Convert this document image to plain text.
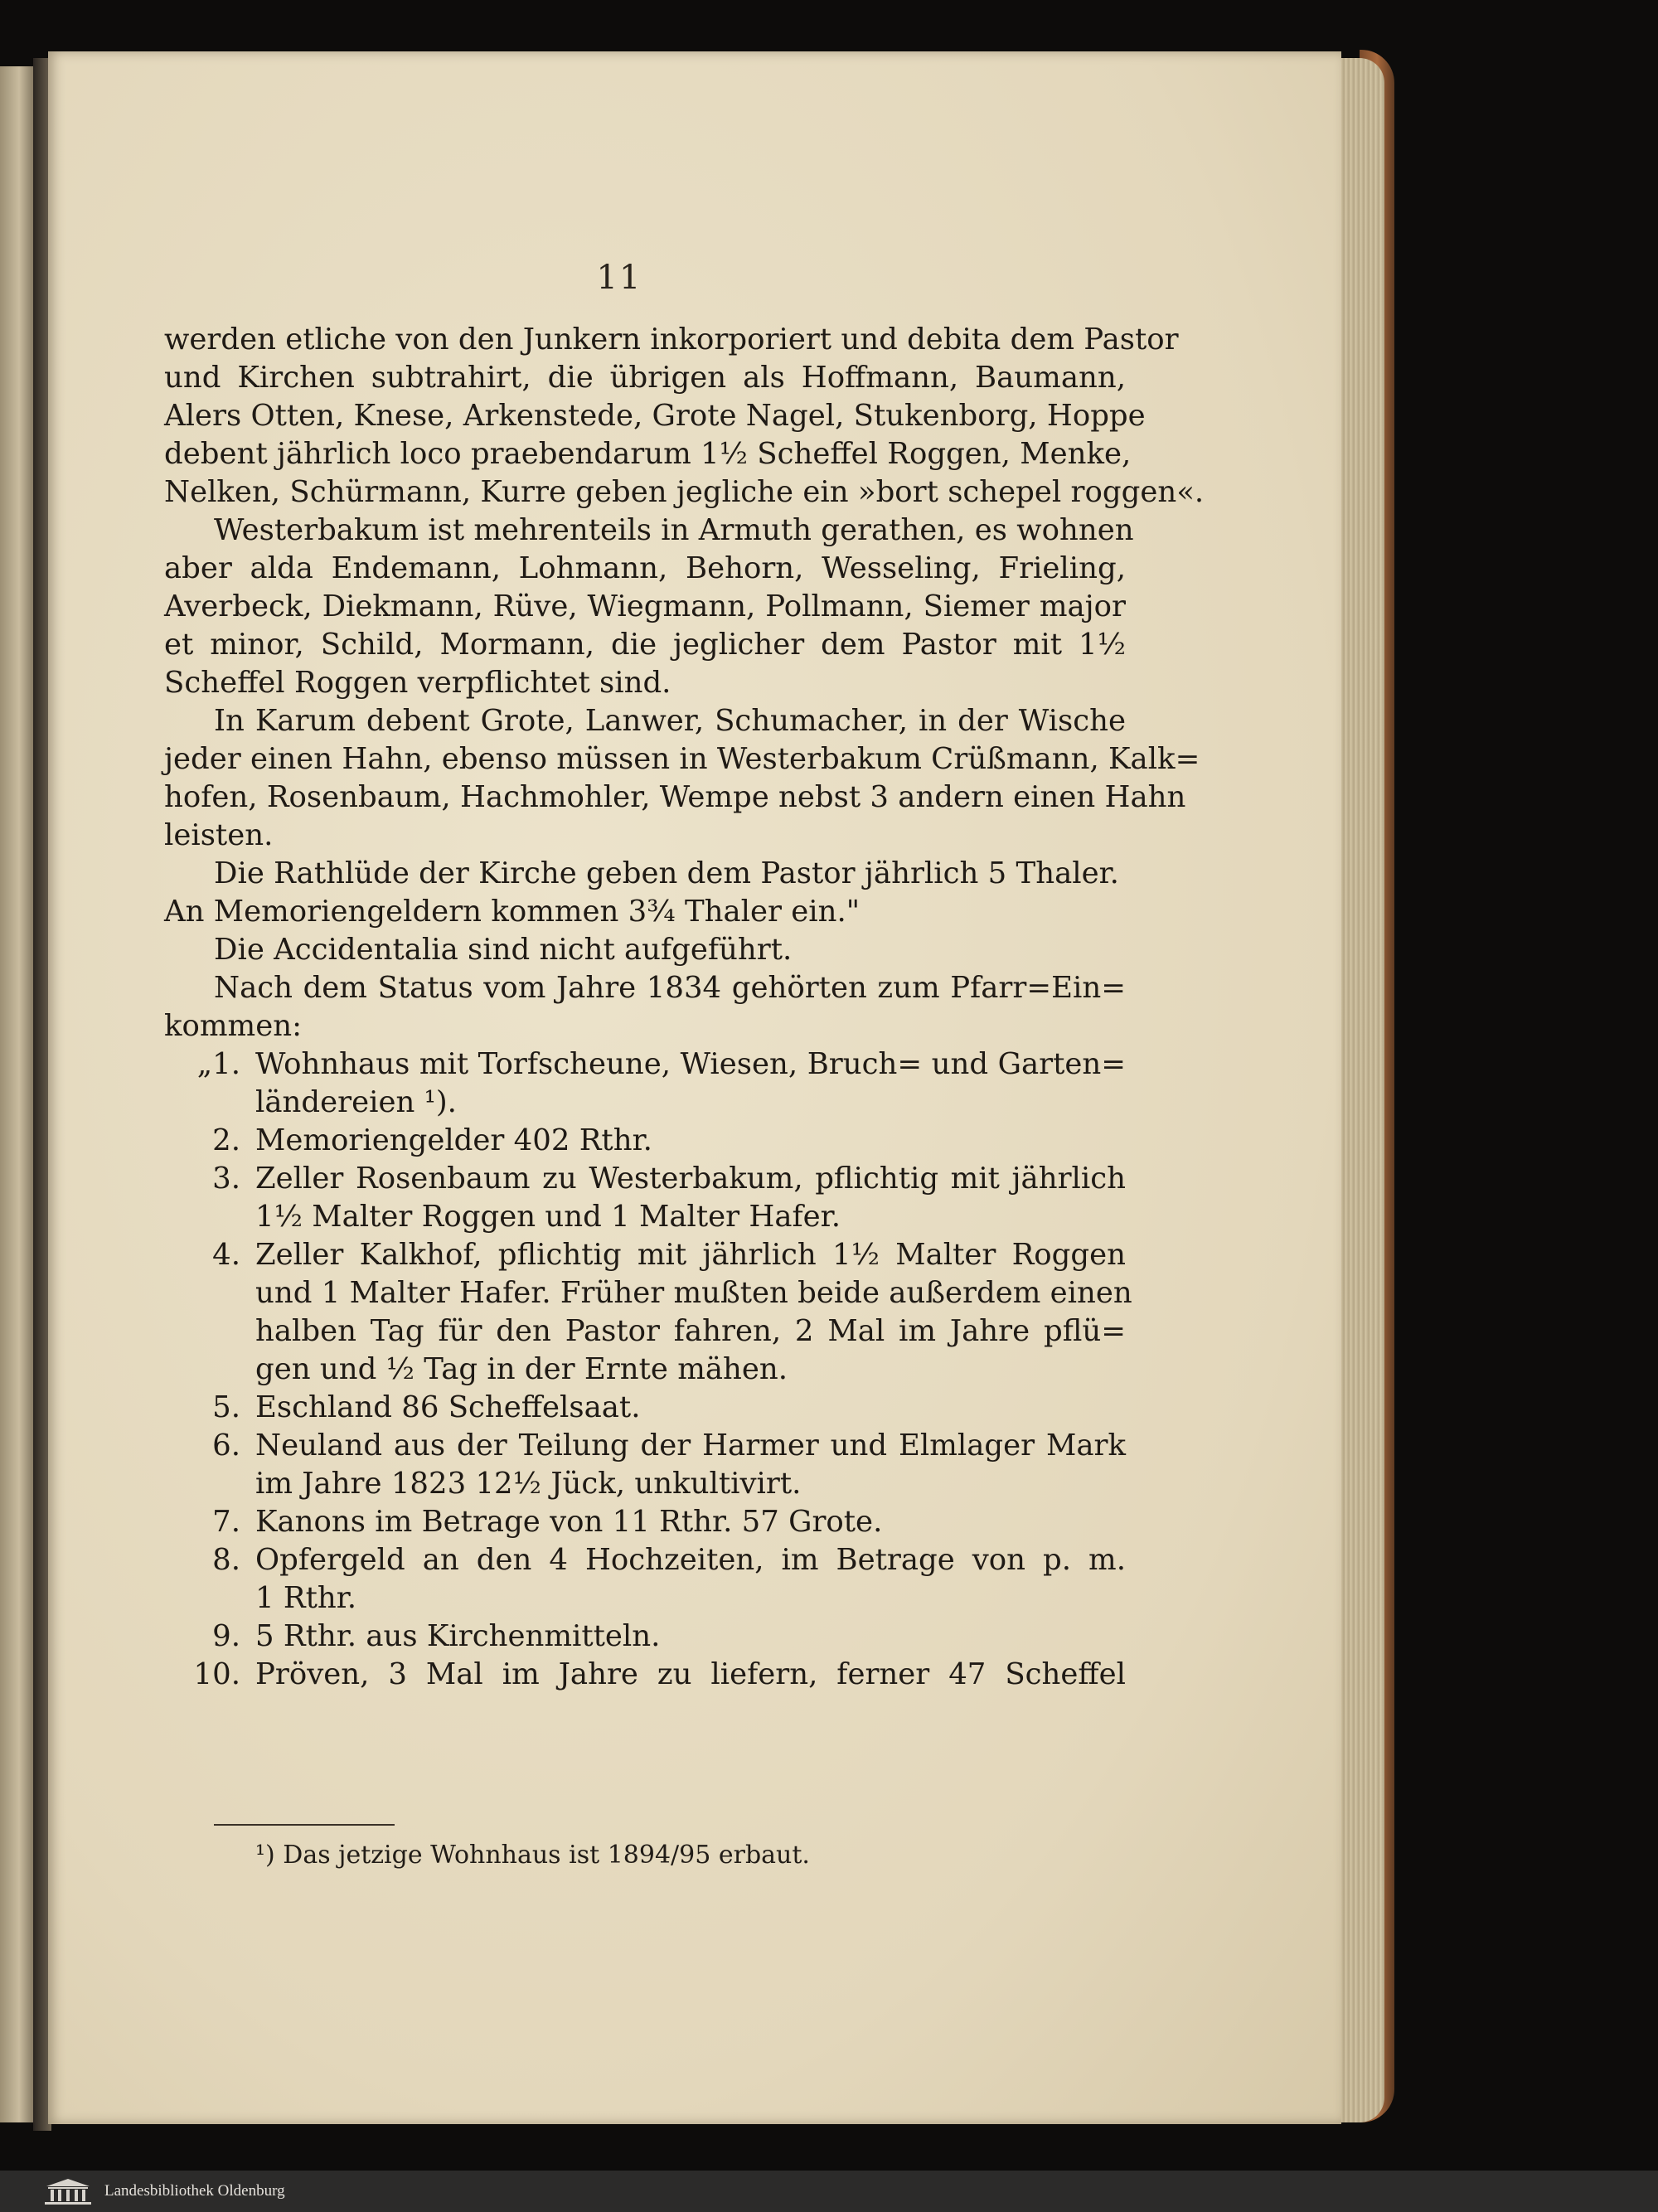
11
werden etliche von den Junkern inkorporiert und debita dem Pastor
und Kirchen subtrahirt, die übrigen als Hoffmann, Baumann,
Alers Otten, Knese, Arkenstede, Grote Nagel, Stukenborg, Hoppe
debent jährlich loco praebendarum 1½ Scheffel Roggen, Menke,
Nelken, Schürmann, Kurre geben jegliche ein »bort schepel roggen«.
Westerbakum ist mehrenteils in Armuth gerathen, es wohnen
aber alda Endemann, Lohmann, Behorn, Wesseling, Frieling,
Averbeck, Diekmann, Rüve, Wiegmann, Pollmann, Siemer major
et minor, Schild, Mormann, die jeglicher dem Pastor mit 1½
Scheffel Roggen verpflichtet sind.
In Karum debent Grote, Lanwer, Schumacher, in der Wische
jeder einen Hahn, ebenso müssen in Westerbakum Crüßmann, Kalk=
hofen, Rosenbaum, Hachmohler, Wempe nebst 3 andern einen Hahn
leisten.
Die Rathlüde der Kirche geben dem Pastor jährlich 5 Thaler.
An Memoriengeldern kommen 3¾ Thaler ein."
Die Accidentalia sind nicht aufgeführt.
Nach dem Status vom Jahre 1834 gehörten zum Pfarr=Ein=
kommen:
„1. Wohnhaus mit Torfscheune, Wiesen, Bruch= und Garten=
ländereien ¹).
2. Memoriengelder 402 Rthr.
3. Zeller Rosenbaum zu Westerbakum, pflichtig mit jährlich
1½ Malter Roggen und 1 Malter Hafer.
4. Zeller Kalkhof, pflichtig mit jährlich 1½ Malter Roggen
und 1 Malter Hafer. Früher mußten beide außerdem einen
halben Tag für den Pastor fahren, 2 Mal im Jahre pflü=
gen und ½ Tag in der Ernte mähen.
5. Eschland 86 Scheffelsaat.
6. Neuland aus der Teilung der Harmer und Elmlager Mark
im Jahre 1823 12½ Jück, unkultivirt.
7. Kanons im Betrage von 11 Rthr. 57 Grote.
8. Opfergeld an den 4 Hochzeiten, im Betrage von p. m.
1 Rthr.
9. 5 Rthr. aus Kirchenmitteln.
10. Pröven, 3 Mal im Jahre zu liefern, ferner 47 Scheffel
¹) Das jetzige Wohnhaus ist 1894/95 erbaut.
Landesbibliothek Oldenburg
